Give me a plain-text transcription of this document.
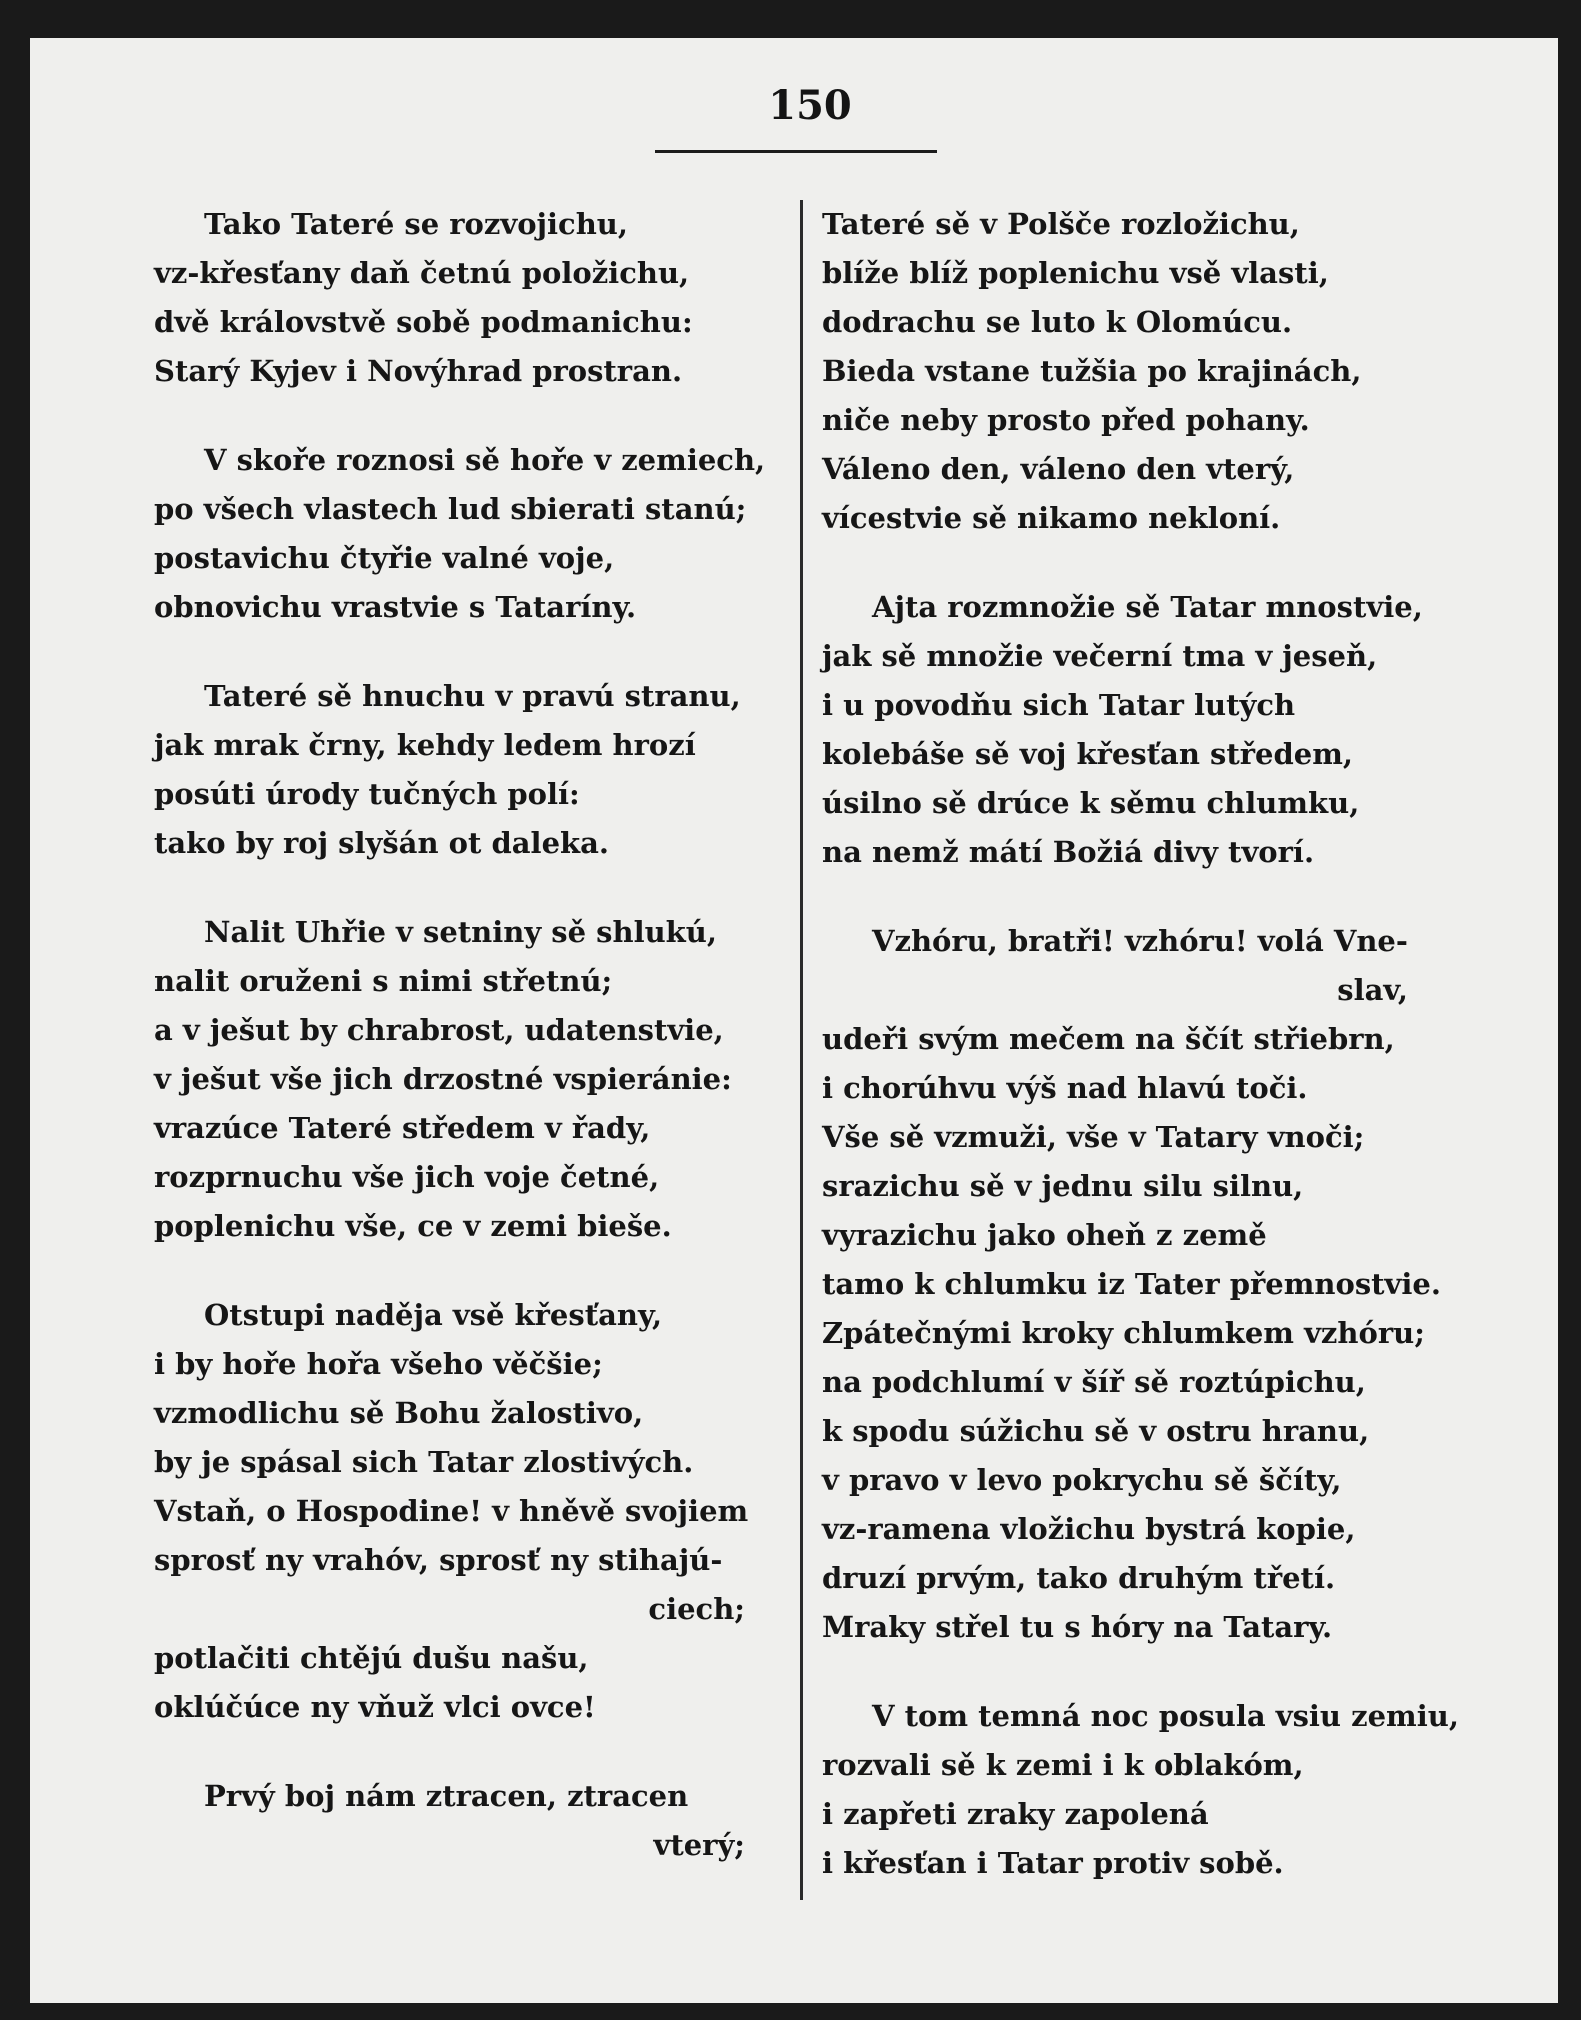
150
Tako Tateré se rozvojichu,
vz-křesťany daň četnú položichu,
dvě královstvě sobě podmanichu:
Starý Kyjev i Novýhrad prostran.
V skoře roznosi sě hoře v zemiech,
po všech vlastech lud sbierati stanú;
postavichu čtyřie valné voje,
obnovichu vrastvie s Tataríny.
Tateré sě hnuchu v pravú stranu,
jak mrak črny, kehdy ledem hrozí
posúti úrody tučných polí:
tako by roj slyšán ot daleka.
Nalit Uhřie v setniny sě shlukú,
nalit oruženi s nimi střetnú;
a v ješut by chrabrost, udatenstvie,
v ješut vše jich drzostné vspieránie:
vrazúce Tateré středem v řady,
rozprnuchu vše jich voje četné,
poplenichu vše, ce v zemi bieše.
Otstupi naděja vsě křesťany,
i by hoře hořa všeho věčšie;
vzmodlichu sě Bohu žalostivo,
by je spásal sich Tatar zlostivých.
Vstaň, o Hospodine! v hněvě svojiem
sprosť ny vrahóv, sprosť ny stihajú-
ciech;
potlačiti chtějú dušu našu,
oklúčúce ny vňuž vlci ovce!
Prvý boj nám ztracen, ztracen
vterý;
Tateré sě v Polšče rozložichu,
blíže blíž poplenichu vsě vlasti,
dodrachu se luto k Olomúcu.
Bieda vstane tužšia po krajinách,
niče neby prosto před pohany.
Váleno den, váleno den vterý,
vícestvie sě nikamo nekloní.
Ajta rozmnožie sě Tatar mnostvie,
jak sě množie večerní tma v jeseň,
i u povodňu sich Tatar lutých
kolebáše sě voj křesťan středem,
úsilno sě drúce k sěmu chlumku,
na nemž mátí Božiá divy tvorí.
Vzhóru, bratři! vzhóru! volá Vne-
slav,
udeři svým mečem na ščít střiebrn,
i chorúhvu výš nad hlavú toči.
Vše sě vzmuži, vše v Tatary vnoči;
srazichu sě v jednu silu silnu,
vyrazichu jako oheň z země
tamo k chlumku iz Tater přemnostvie.
Zpátečnými kroky chlumkem vzhóru;
na podchlumí v šíř sě roztúpichu,
k spodu súžichu sě v ostru hranu,
v pravo v levo pokrychu sě ščíty,
vz-ramena vložichu bystrá kopie,
druzí prvým, tako druhým třetí.
Mraky střel tu s hóry na Tatary.
V tom temná noc posula vsiu zemiu,
rozvali sě k zemi i k oblakóm,
i zapřeti zraky zapolená
i křesťan i Tatar protiv sobě.
